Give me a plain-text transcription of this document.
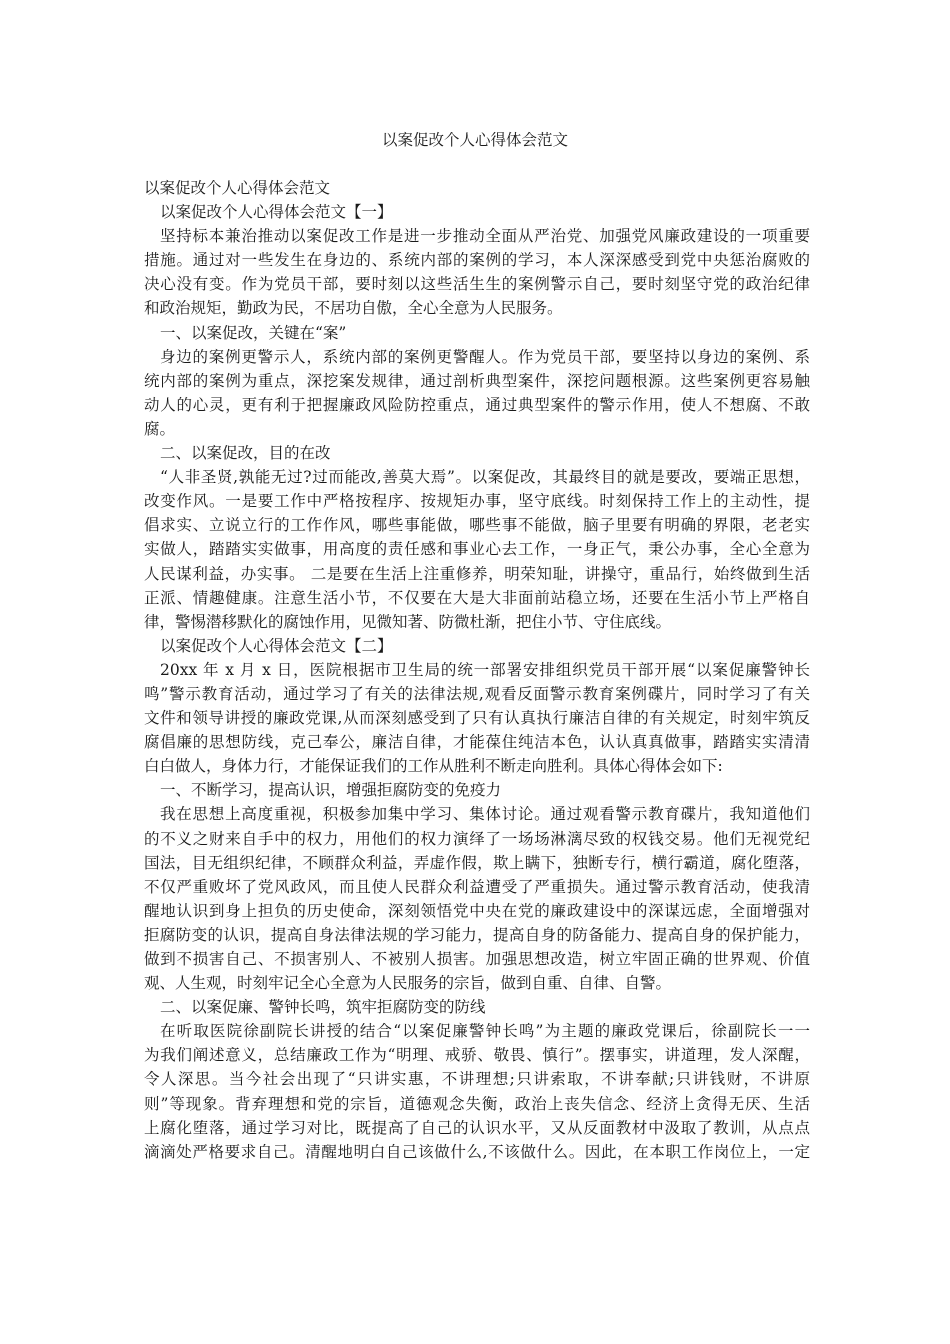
以案促改个人心得体会范文
以案促改个人心得体会范文
以案促改个人心得体会范文【一】
坚持标本兼治推动以案促改工作是进一步推动全面从严治党、加强党风廉政建设的一项重要
措施。通过对一些发生在身边的、系统内部的案例的学习，本人深深感受到党中央惩治腐败的
决心没有变。作为党员干部，要时刻以这些活生生的案例警示自己，要时刻坚守党的政治纪律
和政治规矩，勤政为民，不居功自傲，全心全意为人民服务。
一、以案促改，关键在“案”
身边的案例更警示人，系统内部的案例更警醒人。作为党员干部，要坚持以身边的案例、系
统内部的案例为重点，深挖案发规律，通过剖析典型案件，深挖问题根源。这些案例更容易触
动人的心灵，更有利于把握廉政风险防控重点，通过典型案件的警示作用，使人不想腐、不敢
腐。
二、以案促改，目的在改
“人非圣贤,孰能无过?过而能改,善莫大焉”。以案促改，其最终目的就是要改，要端正思想，
改变作风。一是要工作中严格按程序、按规矩办事，坚守底线。时刻保持工作上的主动性，提
倡求实、立说立行的工作作风，哪些事能做，哪些事不能做，脑子里要有明确的界限，老老实
实做人，踏踏实实做事，用高度的责任感和事业心去工作，一身正气，秉公办事，全心全意为
人民谋利益，办实事。 二是要在生活上注重修养，明荣知耻，讲操守，重品行，始终做到生活
正派、情趣健康。注意生活小节，不仅要在大是大非面前站稳立场，还要在生活小节上严格自
律，警惕潜移默化的腐蚀作用，见微知著、防微杜渐，把住小节、守住底线。
以案促改个人心得体会范文【二】
20xx 年 x 月 x 日，医院根据市卫生局的统一部署安排组织党员干部开展“以案促廉警钟长
鸣”警示教育活动，通过学习了有关的法律法规,观看反面警示教育案例碟片，同时学习了有关
文件和领导讲授的廉政党课,从而深刻感受到了只有认真执行廉洁自律的有关规定，时刻牢筑反
腐倡廉的思想防线，克己奉公，廉洁自律，才能葆住纯洁本色，认认真真做事，踏踏实实清清
白白做人，身体力行，才能保证我们的工作从胜利不断走向胜利。具体心得体会如下:
一、不断学习，提高认识，增强拒腐防变的免疫力
我在思想上高度重视，积极参加集中学习、集体讨论。通过观看警示教育碟片，我知道他们
的不义之财来自手中的权力，用他们的权力演绎了一场场淋漓尽致的权钱交易。他们无视党纪
国法，目无组织纪律，不顾群众利益，弄虚作假，欺上瞒下，独断专行，横行霸道，腐化堕落，
不仅严重败坏了党风政风，而且使人民群众利益遭受了严重损失。通过警示教育活动，使我清
醒地认识到身上担负的历史使命，深刻领悟党中央在党的廉政建设中的深谋远虑，全面增强对
拒腐防变的认识，提高自身法律法规的学习能力，提高自身的防备能力、提高自身的保护能力，
做到不损害自己、不损害别人、不被别人损害。加强思想改造，树立牢固正确的世界观、价值
观、人生观，时刻牢记全心全意为人民服务的宗旨，做到自重、自律、自警。
二、以案促廉、警钟长鸣，筑牢拒腐防变的防线
在听取医院徐副院长讲授的结合“以案促廉警钟长鸣”为主题的廉政党课后，徐副院长一一
为我们阐述意义，总结廉政工作为“明理、戒骄、敬畏、慎行”。摆事实，讲道理，发人深醒，
令人深思。当今社会出现了“只讲实惠，不讲理想;只讲索取，不讲奉献;只讲钱财，不讲原
则”等现象。背弃理想和党的宗旨，道德观念失衡，政治上丧失信念、经济上贪得无厌、生活
上腐化堕落，通过学习对比，既提高了自己的认识水平，又从反面教材中汲取了教训，从点点
滴滴处严格要求自己。清醒地明白自己该做什么,不该做什么。因此，在本职工作岗位上，一定
